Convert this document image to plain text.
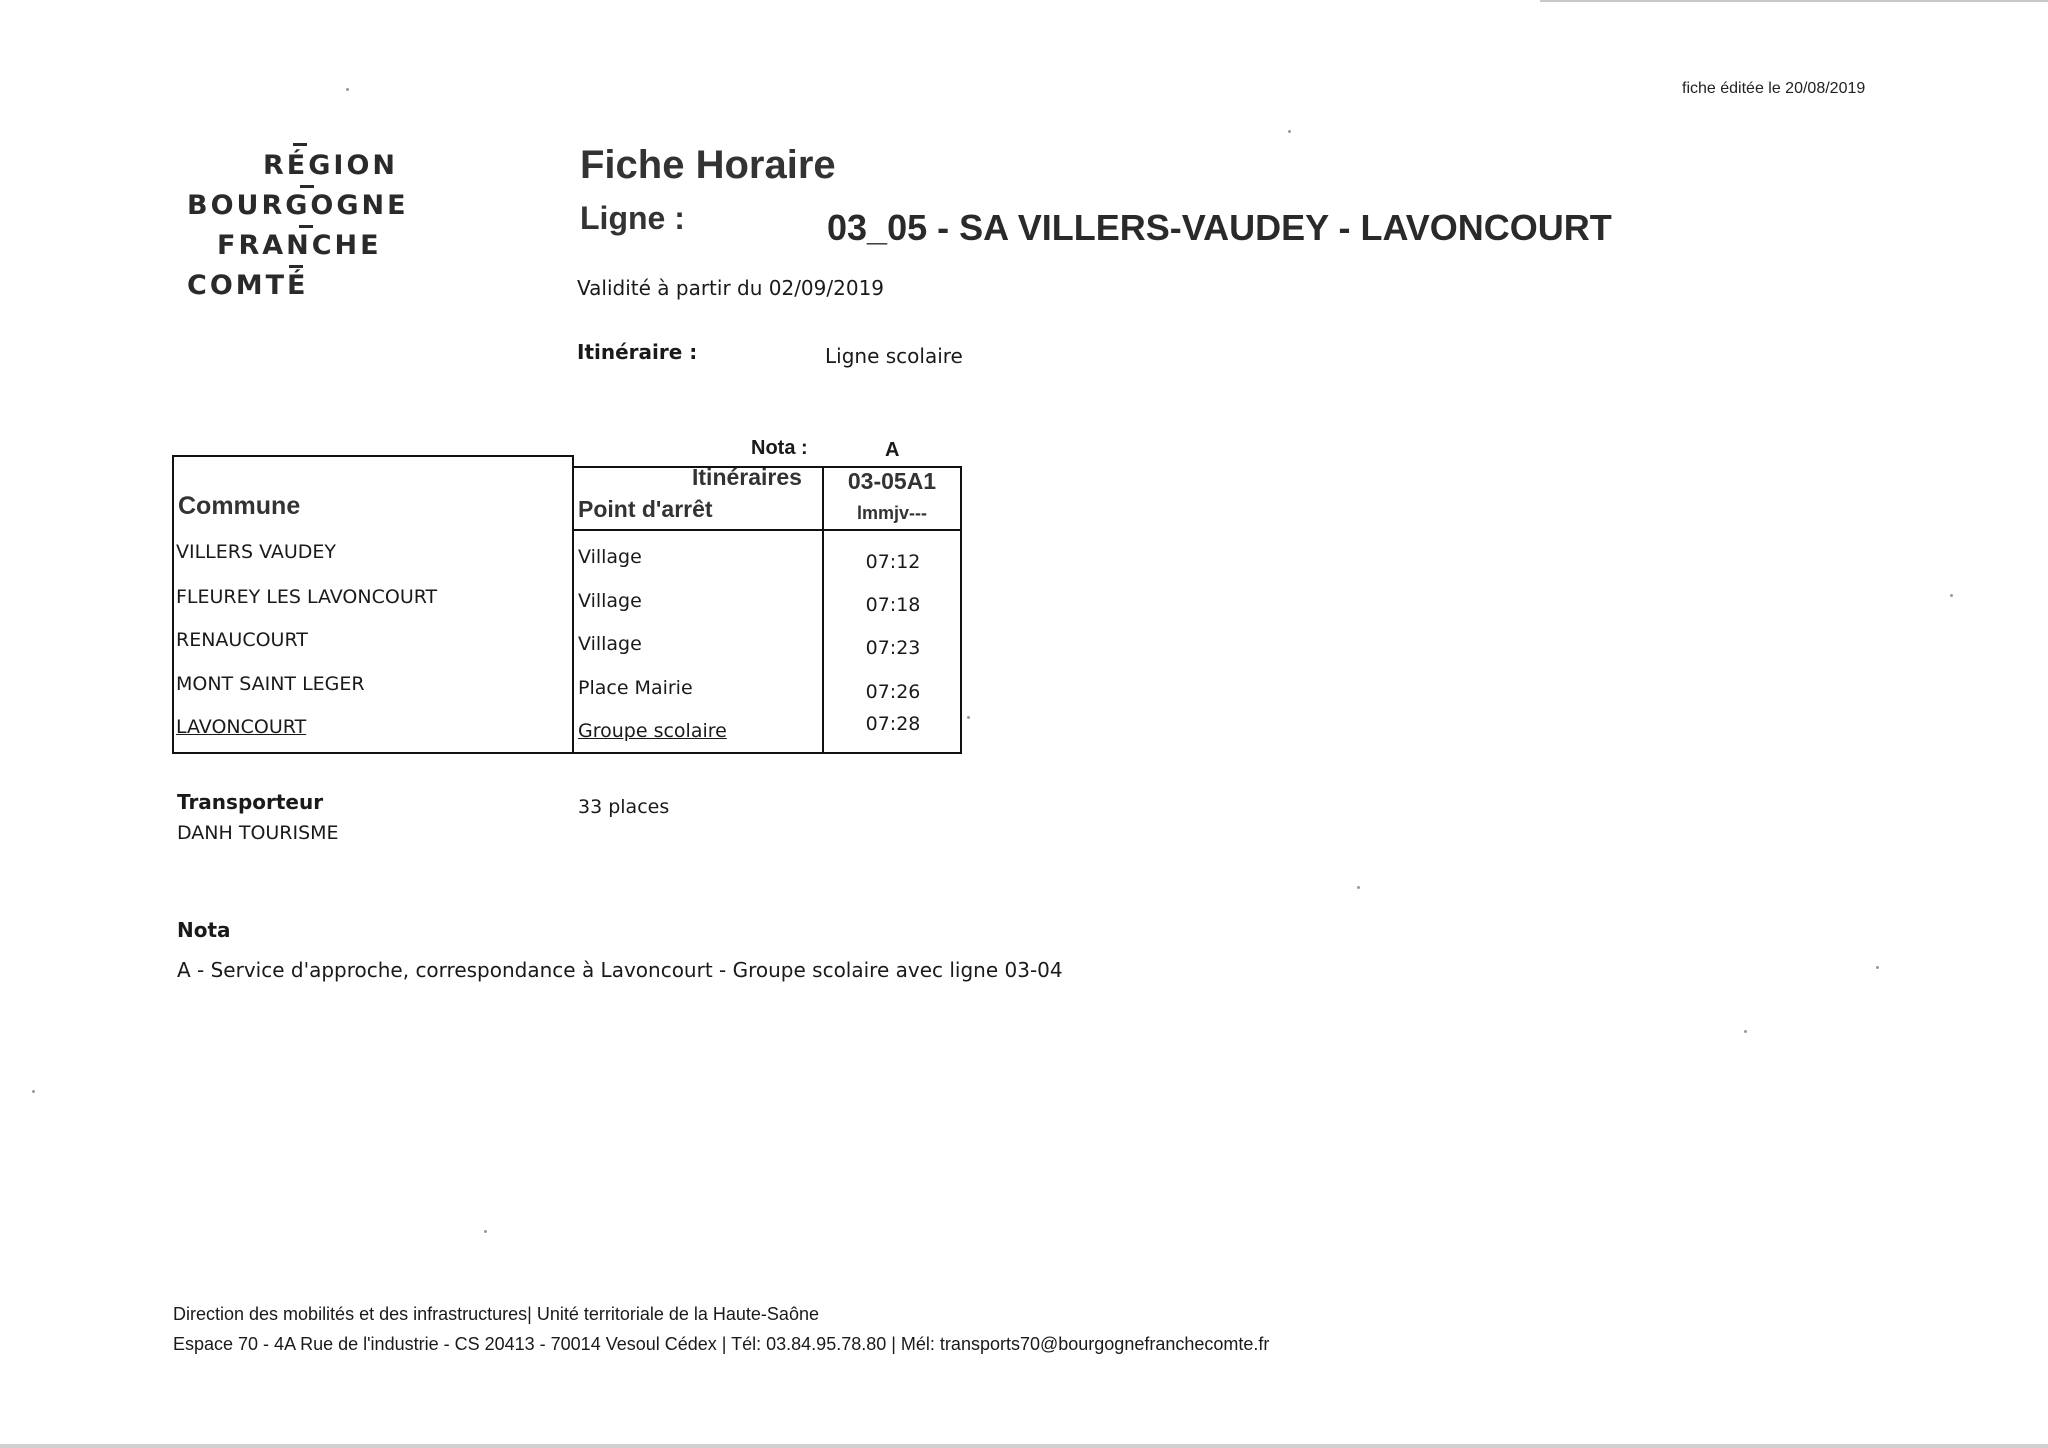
fiche éditée le 20/08/2019
RÉGION
BOURGOGNE
FRANCHE
COMTÉ
Fiche Horaire
Ligne :	03_05 - SA VILLERS-VAUDEY - LAVONCOURT
Validité à partir du 02/09/2019
Itinéraire :	Ligne scolaire
Nota :	A
Commune
Itinéraires
Point d'arrêt
03-05A1
lmmjv---
VILLERS VAUDEY	Village	07:12
FLEUREY LES LAVONCOURT	Village	07:18
RENAUCOURT	Village	07:23
MONT SAINT LEGER	Place Mairie	07:26
LAVONCOURT	Groupe scolaire	07:28
Transporteur
DANH TOURISME
33 places
Nota
A - Service d'approche, correspondance à Lavoncourt - Groupe scolaire avec ligne 03-04
Direction des mobilités et des infrastructures| Unité territoriale de la Haute-Saône
Espace 70 - 4A Rue de l'industrie - CS 20413 - 70014 Vesoul Cédex | Tél: 03.84.95.78.80 | Mél: transports70@bourgognefranchecomte.fr
